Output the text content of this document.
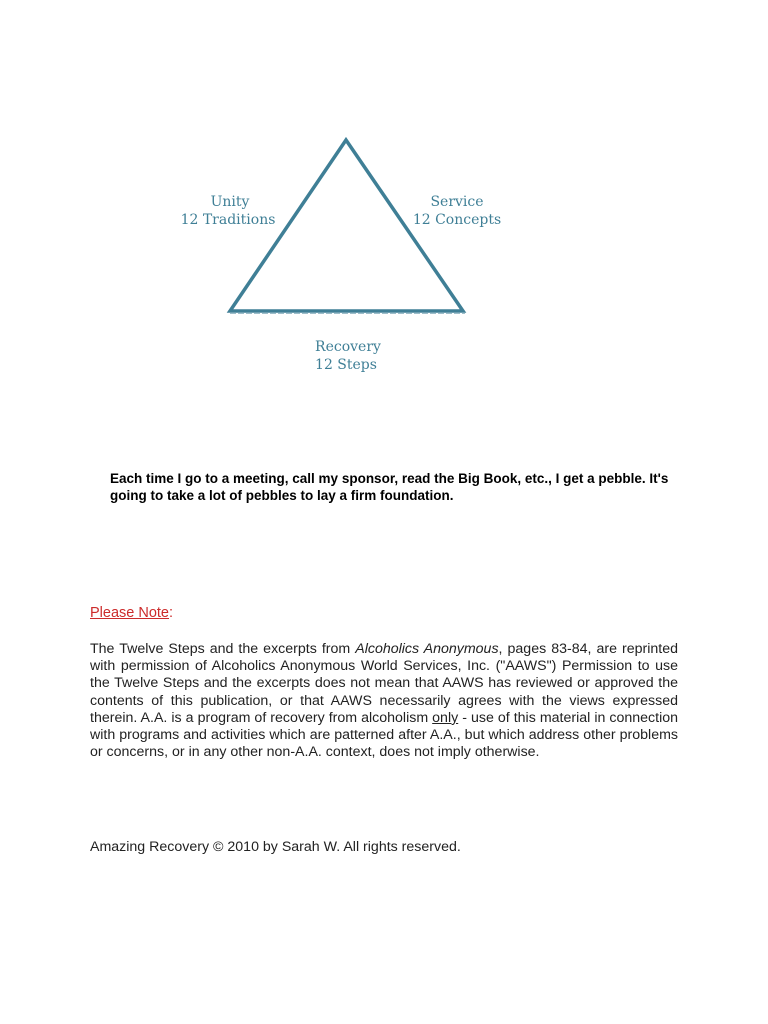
Unity
12 Traditions
Service
12 Concepts
Recovery
12 Steps
Each time I go to a meeting, call my sponsor, read the Big Book, etc., I get a pebble. It's going to take a lot of pebbles to lay a firm foundation.
Please Note:

The Twelve Steps and the excerpts from Alcoholics Anonymous, pages 83-84, are reprinted with permission of Alcoholics Anonymous World Services, Inc. ("AAWS") Permission to use the Twelve Steps and the excerpts does not mean that AAWS has reviewed or approved the contents of this publication, or that AAWS necessarily agrees with the views expressed therein. A.A. is a program of recovery from alcoholism only - use of this material in connection with programs and activities which are patterned after A.A., but which address other problems or concerns, or in any other non-A.A. context, does not imply otherwise.

Amazing Recovery © 2010 by Sarah W. All rights reserved.
